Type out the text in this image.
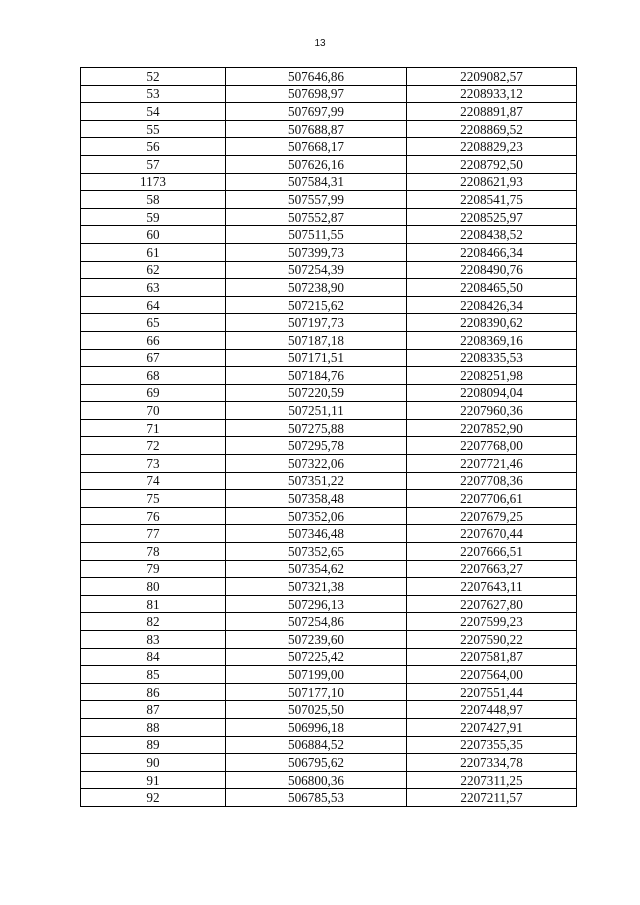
13
52	507646,86	2209082,57
53	507698,97	2208933,12
54	507697,99	2208891,87
55	507688,87	2208869,52
56	507668,17	2208829,23
57	507626,16	2208792,50
1173	507584,31	2208621,93
58	507557,99	2208541,75
59	507552,87	2208525,97
60	507511,55	2208438,52
61	507399,73	2208466,34
62	507254,39	2208490,76
63	507238,90	2208465,50
64	507215,62	2208426,34
65	507197,73	2208390,62
66	507187,18	2208369,16
67	507171,51	2208335,53
68	507184,76	2208251,98
69	507220,59	2208094,04
70	507251,11	2207960,36
71	507275,88	2207852,90
72	507295,78	2207768,00
73	507322,06	2207721,46
74	507351,22	2207708,36
75	507358,48	2207706,61
76	507352,06	2207679,25
77	507346,48	2207670,44
78	507352,65	2207666,51
79	507354,62	2207663,27
80	507321,38	2207643,11
81	507296,13	2207627,80
82	507254,86	2207599,23
83	507239,60	2207590,22
84	507225,42	2207581,87
85	507199,00	2207564,00
86	507177,10	2207551,44
87	507025,50	2207448,97
88	506996,18	2207427,91
89	506884,52	2207355,35
90	506795,62	2207334,78
91	506800,36	2207311,25
92	506785,53	2207211,57
